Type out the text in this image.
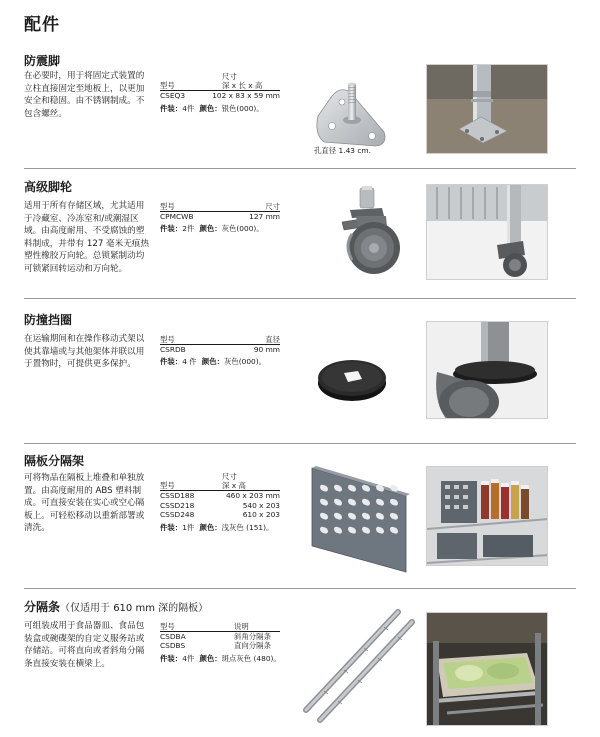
配件
防震脚
在必要时，用于将固定式装置的立柱直接固定至地板上，以更加安全和稳固。由不锈钢制成。不包含螺丝。
型号
尺寸
深 x 长 x 高
CSEQ3	102 x 83 x 59 mm
件装：4件 颜色：银色(000)。
孔直径 1.43 cm.
高级脚轮
适用于所有存储区域，尤其适用于冷藏室、冷冻室和/或潮湿区域。由高度耐用、不受腐蚀的塑料制成，并带有 127 毫米无痕热塑性橡胶万向轮。总锁紧制动均可锁紧回转运动和万向轮。
型号	尺寸
CPMCWB	127 mm
件装：2件 颜色：灰色(000)。
防撞挡圈
在运输期间和在操作移动式架以使其靠墙或与其他架体并联以用于置物时，可提供更多保护。
型号	直径
CSRDB	90 mm
件装：4 件 颜色：灰色(000)。
隔板分隔架
可将物品在隔板上堆叠和单独放置。由高度耐用的 ABS 塑料制成。可直接安装在实心或空心隔板上。可轻松移动以重新部署或清洗。
型号
尺寸
深 x 高
CSSD188	460 x 203 mm
CSSD218	540 x 203
CSSD248	610 x 203
件装：1件 颜色：浅灰色 (151)。
分隔条（仅适用于 610 mm 深的隔板）
可组装成用于食品器皿、食品包装盒或碗碟架的自定义服务站或存储站。可将直向或者斜角分隔条直接安装在横梁上。
型号	说明
CSDBA	斜角分隔条
CSDBS	直向分隔条
件装：4件 颜色：斑点灰色 (480)。
